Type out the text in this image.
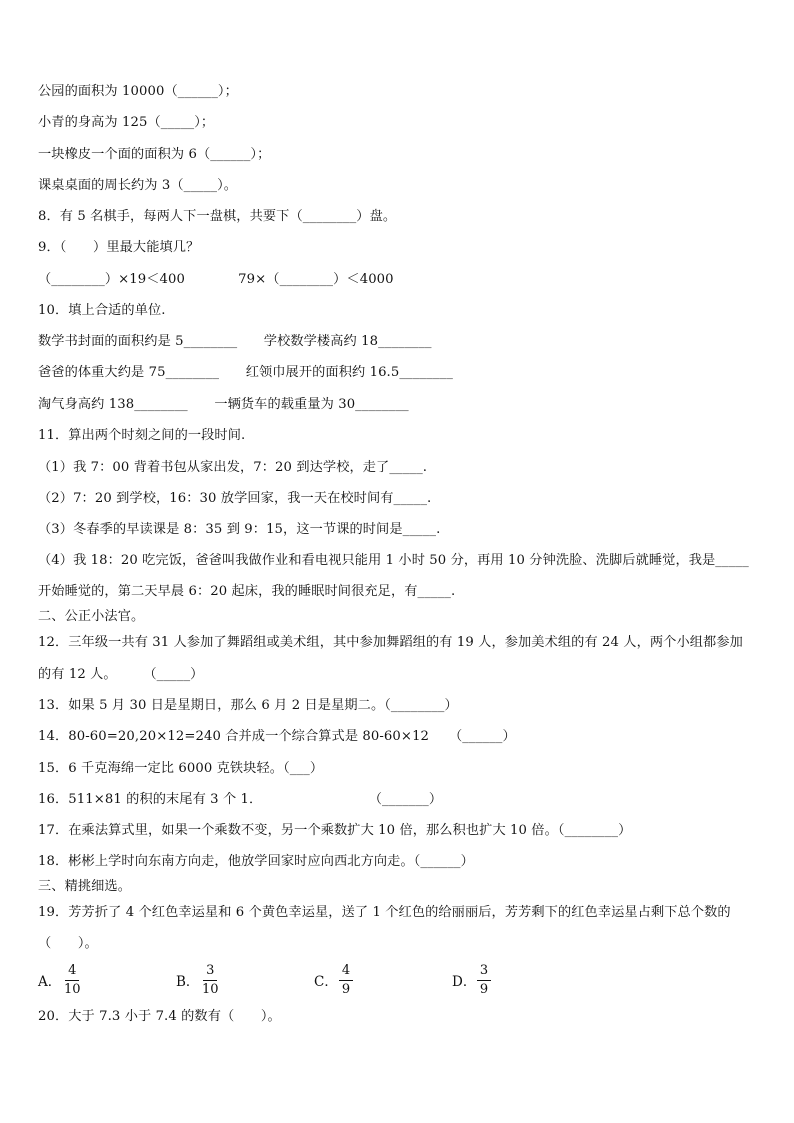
公园的面积为 10000（______）；
小青的身高为 125（_____）；
一块橡皮一个面的面积为 6（______）；
课桌桌面的周长约为 3（_____）。
8．有 5 名棋手，每两人下一盘棋，共要下（________）盘。
9．（　　）里最大能填几？
（________）×19＜400　　　　79×（________）＜4000
10．填上合适的单位.
数学书封面的面积约是 5________　　学校数学楼高约 18________
爸爸的体重大约是 75________　　红领巾展开的面积约 16.5________
淘气身高约 138________　　一辆货车的载重量为 30________
11．算出两个时刻之间的一段时间.
（1）我 7：00 背着书包从家出发，7：20 到达学校，走了_____.
（2）7：20 到学校，16：30 放学回家，我一天在校时间有_____.
（3）冬春季的早读课是 8：35 到 9：15，这一节课的时间是_____.
（4）我 18：20 吃完饭，爸爸叫我做作业和看电视只能用 1 小时 50 分，再用 10 分钟洗脸、洗脚后就睡觉，我是_____
开始睡觉的，第二天早晨 6：20 起床，我的睡眠时间很充足，有_____.
二、公正小法官。
12．三年级一共有 31 人参加了舞蹈组或美术组，其中参加舞蹈组的有 19 人，参加美术组的有 24 人，两个小组都参加
的有 12 人。　　　（_____）
13．如果 5 月 30 日是星期日，那么 6 月 2 日是星期二。（________）
14．80-60=20,20×12=240 合并成一个综合算式是 80-60×12　　（______）
15．6 千克海绵一定比 6000 克铁块轻。（___）
16．511×81 的积的末尾有 3 个 1．　　　　　　　　　（_______）
17．在乘法算式里，如果一个乘数不变，另一个乘数扩大 10 倍，那么积也扩大 10 倍。（________）
18．彬彬上学时向东南方向走，他放学回家时应向西北方向走。（______）
三、精挑细选。
19．芳芳折了 4 个红色幸运星和 6 个黄色幸运星，送了 1 个红色的给丽丽后，芳芳剩下的红色幸运星占剩下总个数的
（　　）。
A．
4
10	B．
3
10	C．
4
9	D．
3
9
20．大于 7.3 小于 7.4 的数有（　　）。
